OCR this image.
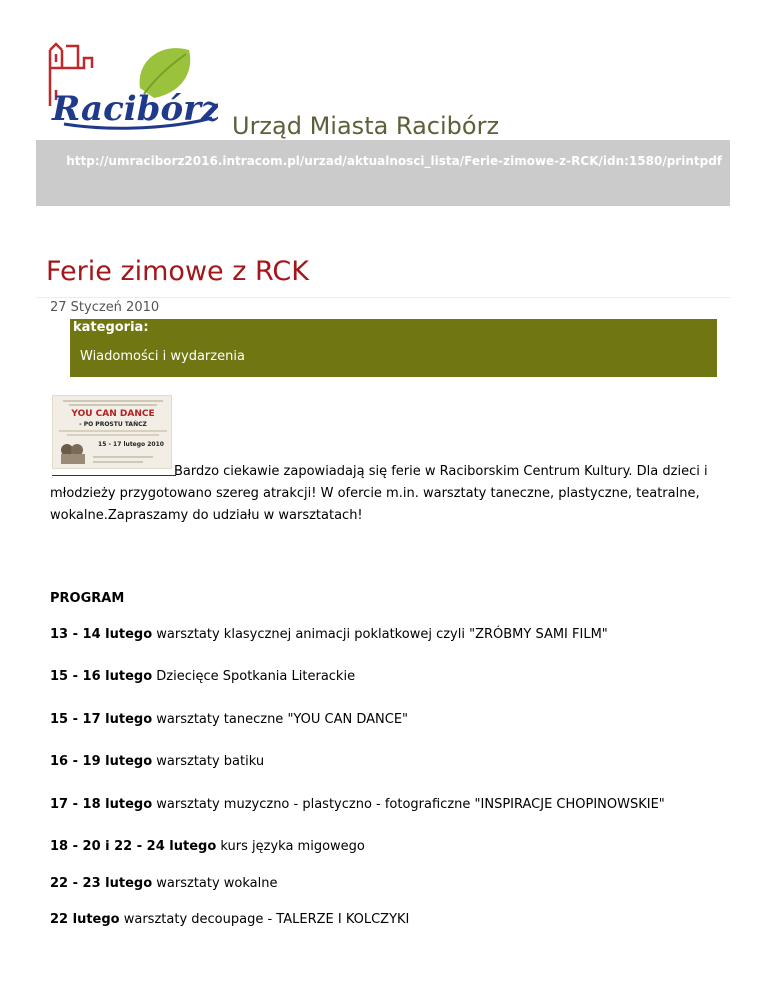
Racibórz Urząd Miasta Racibórz
http://umraciborz2016.intracom.pl/urzad/aktualnosci_lista/Ferie-zimowe-z-RCK/idn:1580/printpdf
Ferie zimowe z RCK
27 Styczeń 2010
kategoria:
Wiadomości i wydarzenia
YOU CAN DANCE
- PO PROSTU TAŃCZ
15 - 17 lutego 2010
Bardzo ciekawie zapowiadają się ferie w Raciborskim Centrum Kultury. Dla dzieci i młodzieży przygotowano szereg atrakcji! W ofercie m.in. warsztaty taneczne, plastyczne, teatralne, wokalne.Zapraszamy do udziału w warsztatach!
PROGRAM
13 - 14 lutego warsztaty klasycznej animacji poklatkowej czyli "ZRÓBMY SAMI FILM"
15 - 16 lutego Dziecięce Spotkania Literackie
15 - 17 lutego warsztaty taneczne "YOU CAN DANCE"
16 - 19 lutego warsztaty batiku
17 - 18 lutego warsztaty muzyczno - plastyczno - fotograficzne "INSPIRACJE CHOPINOWSKIE"
18 - 20 i 22 - 24 lutego kurs języka migowego
22 - 23 lutego warsztaty wokalne
22 lutego warsztaty decoupage - TALERZE I KOLCZYKI
